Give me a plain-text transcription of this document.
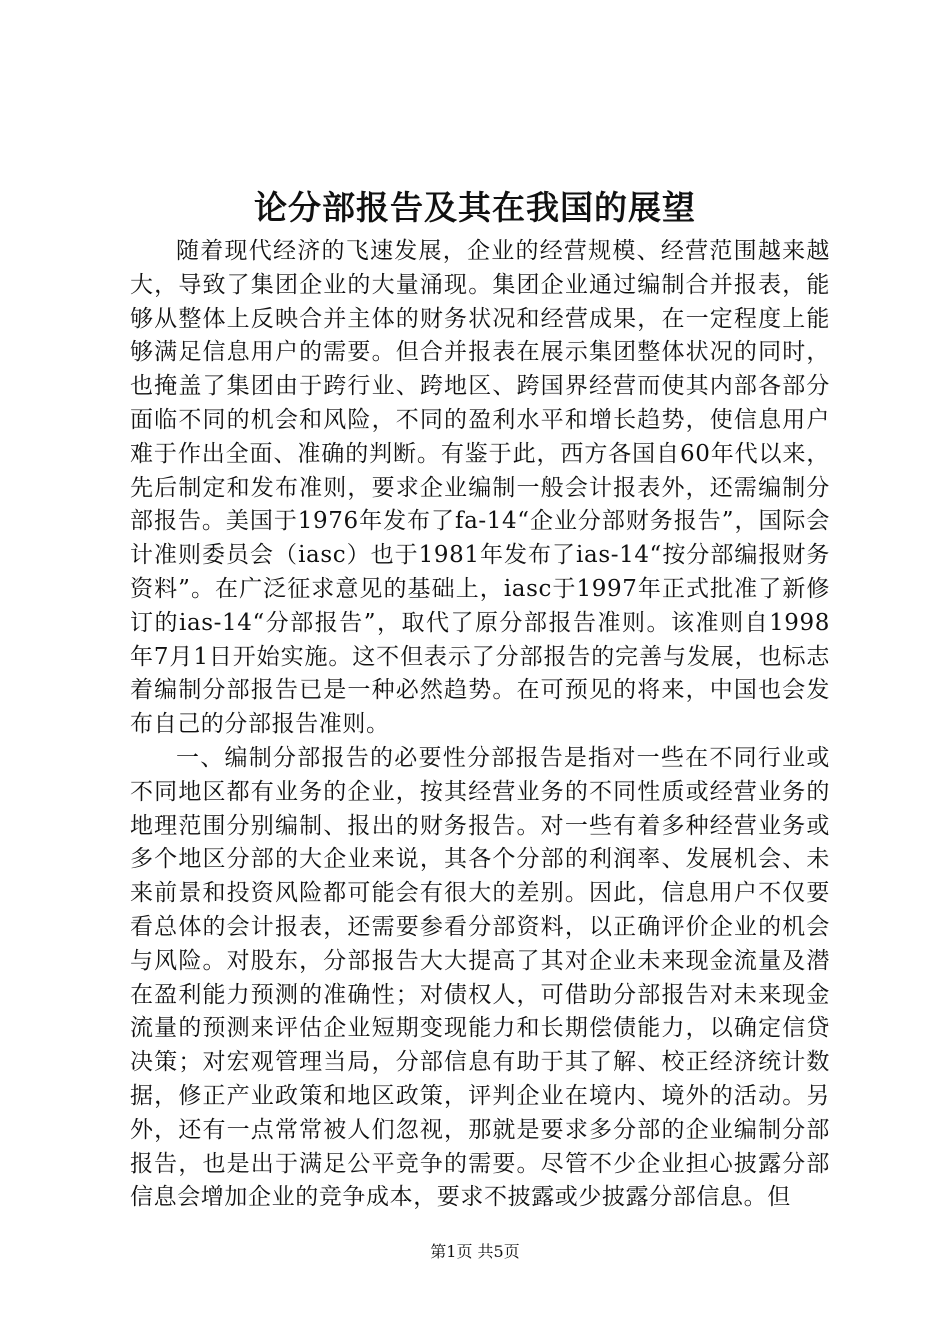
论分部报告及其在我国的展望

随着现代经济的飞速发展，企业的经营规模、经营范围越来越大，导致了集团企业的大量涌现。集团企业通过编制合并报表，能够从整体上反映合并主体的财务状况和经营成果，在一定程度上能够满足信息用户的需要。但合并报表在展示集团整体状况的同时，也掩盖了集团由于跨行业、跨地区、跨国界经营而使其内部各部分面临不同的机会和风险，不同的盈利水平和增长趋势，使信息用户难于作出全面、准确的判断。有鉴于此，西方各国自60年代以来，先后制定和发布准则，要求企业编制一般会计报表外，还需编制分部报告。美国于1976年发布了fa-14“企业分部财务报告”，国际会计准则委员会（iasc）也于1981年发布了ias-14“按分部编报财务资料”。在广泛征求意见的基础上，iasc于1997年正式批准了新修订的ias-14“分部报告”，取代了原分部报告准则。该准则自1998年7月1日开始实施。这不但表示了分部报告的完善与发展，也标志着编制分部报告已是一种必然趋势。在可预见的将来，中国也会发布自己的分部报告准则。

一、编制分部报告的必要性分部报告是指对一些在不同行业或不同地区都有业务的企业，按其经营业务的不同性质或经营业务的地理范围分别编制、报出的财务报告。对一些有着多种经营业务或多个地区分部的大企业来说，其各个分部的利润率、发展机会、未来前景和投资风险都可能会有很大的差别。因此，信息用户不仅要看总体的会计报表，还需要参看分部资料，以正确评价企业的机会与风险。对股东，分部报告大大提高了其对企业未来现金流量及潜在盈利能力预测的准确性；对债权人，可借助分部报告对未来现金流量的预测来评估企业短期变现能力和长期偿债能力，以确定信贷决策；对宏观管理当局，分部信息有助于其了解、校正经济统计数据，修正产业政策和地区政策，评判企业在境内、境外的活动。另外，还有一点常常被人们忽视，那就是要求多分部的企业编制分部报告，也是出于满足公平竞争的需要。尽管不少企业担心披露分部信息会增加企业的竞争成本，要求不披露或少披露分部信息。但

第1页 共5页
